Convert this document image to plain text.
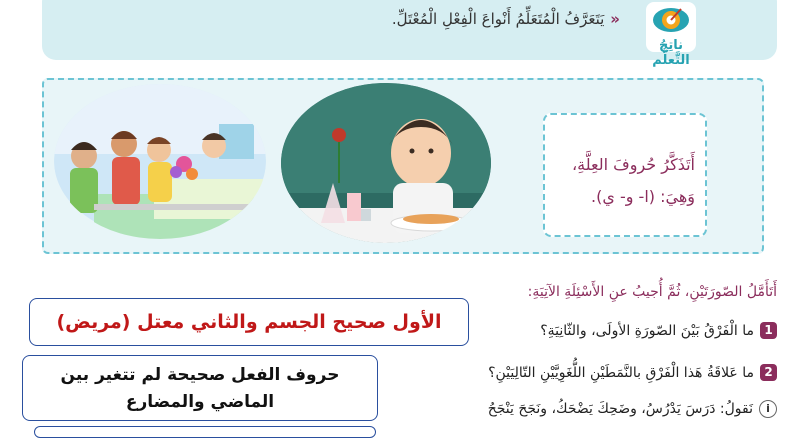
«يَتَعَرَّفُ الْمُتَعَلِّمُ أَنْواعَ الْفِعْلِ الْمُعْتَلِّ.
ناتِجُ التَّعلُّم
أَتَذَكَّرُ حُروفَ العِلَّةِ،
وَهِيَ: (ا- و- ي).
أَتَأَمَّلُ الصّورَتَيْنِ، ثُمَّ أُجيبُ عنِ الأَسْئِلَةِ الآتِيَةِ:
1
ما الْفَرْقُ بَيْنَ الصّورَةِ الأولَى، والثّانِيَةِ؟
2
ما عَلاقَةُ هَذا الْفَرْقِ بالنَّمَطَيْنِ اللُّغَوِيَّيْنِ التّالِيَيْنِ؟
i
نَقولُ: دَرَسَ يَدْرُسُ، وضَحِكَ يَضْحَكُ، ونَجَحَ يَنْجَحُ
الأول صحيح الجسم والثاني معتل (مريض)
حروف الفعل صحيحة لم تتغير بين
الماضي والمضارع
